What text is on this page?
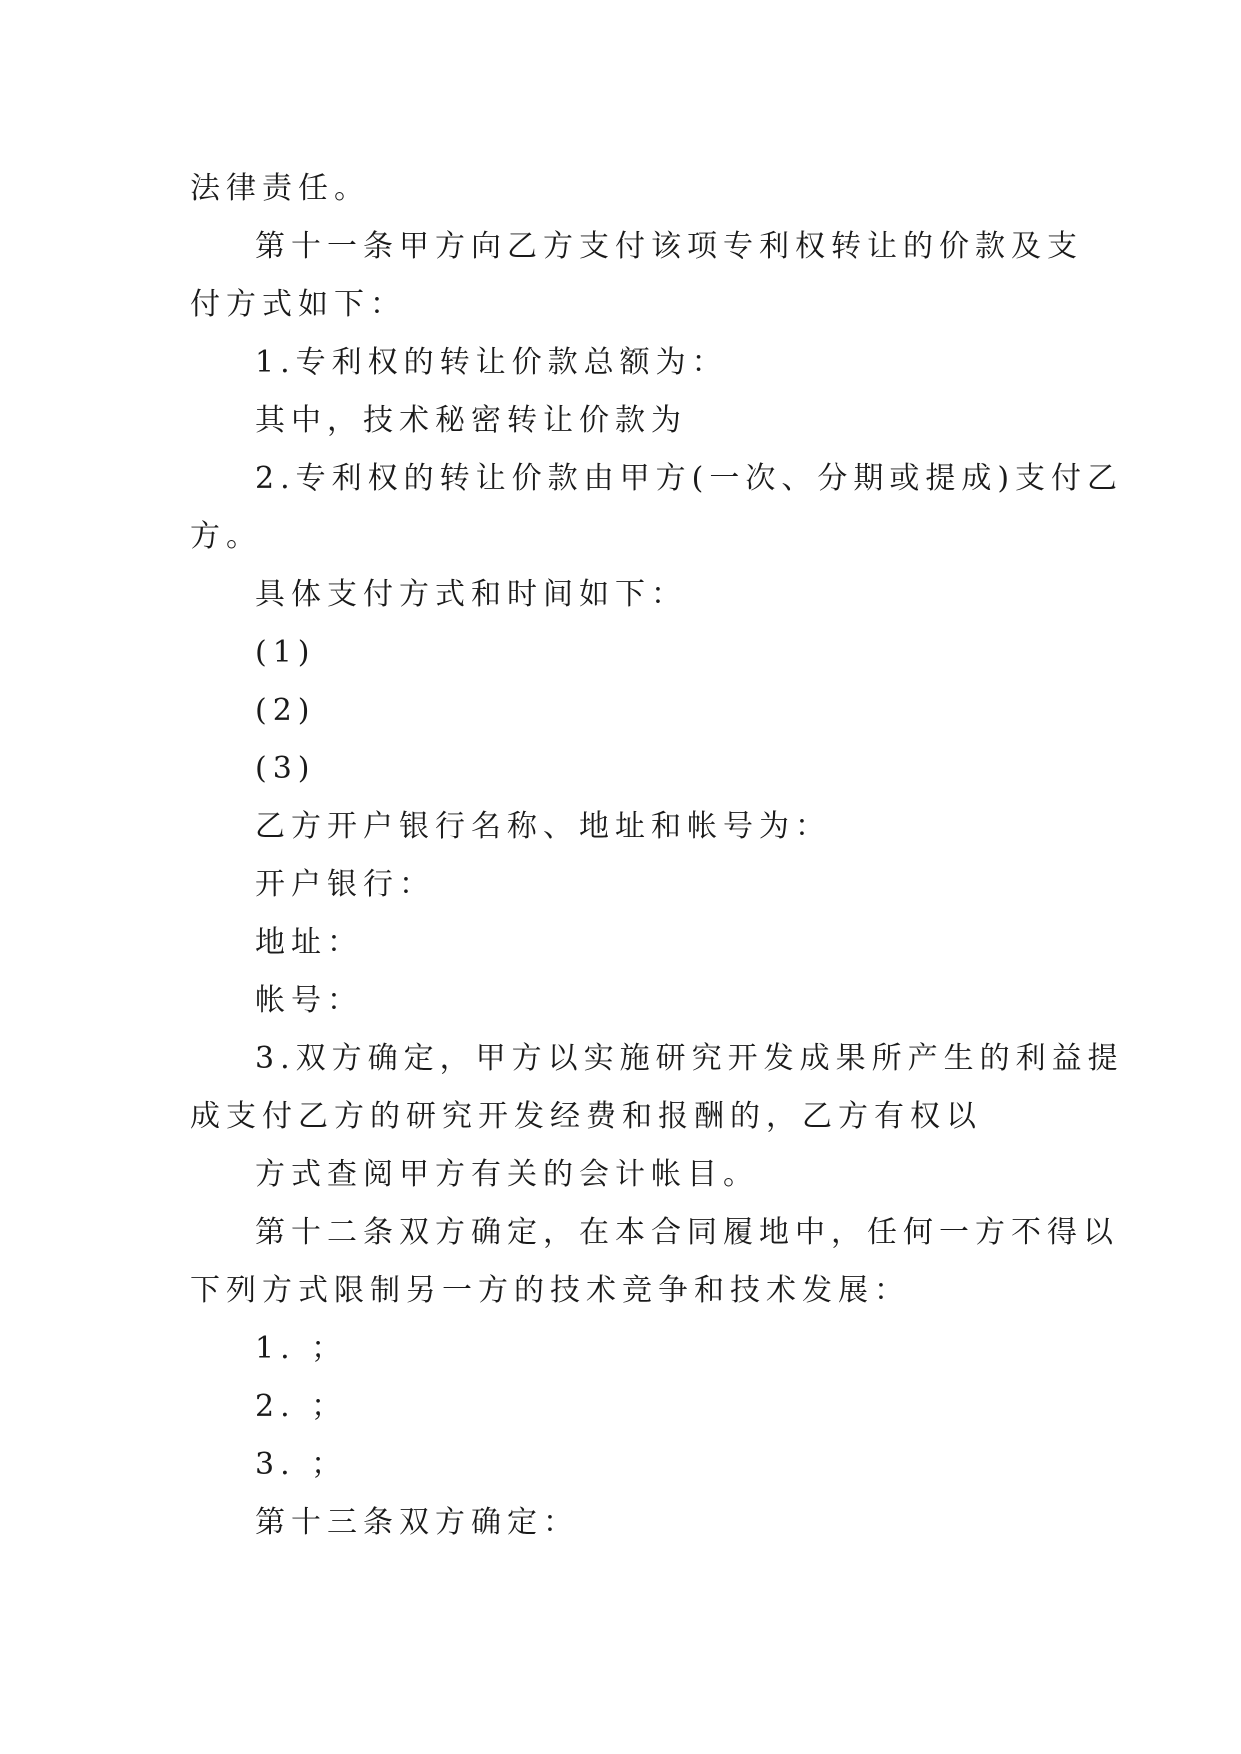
法律责任。
第十一条甲方向乙方支付该项专利权转让的价款及支
付方式如下：
1.专利权的转让价款总额为：
其中，技术秘密转让价款为
2.专利权的转让价款由甲方(一次、分期或提成)支付乙
方。
具体支付方式和时间如下：
(1)
(2)
(3)
乙方开户银行名称、地址和帐号为：
开户银行：
地址：
帐号：
3.双方确定，甲方以实施研究开发成果所产生的利益提
成支付乙方的研究开发经费和报酬的，乙方有权以
方式查阅甲方有关的会计帐目。
第十二条双方确定，在本合同履地中，任何一方不得以
下列方式限制另一方的技术竞争和技术发展：
1. ；
2. ；
3. ；
第十三条双方确定：
